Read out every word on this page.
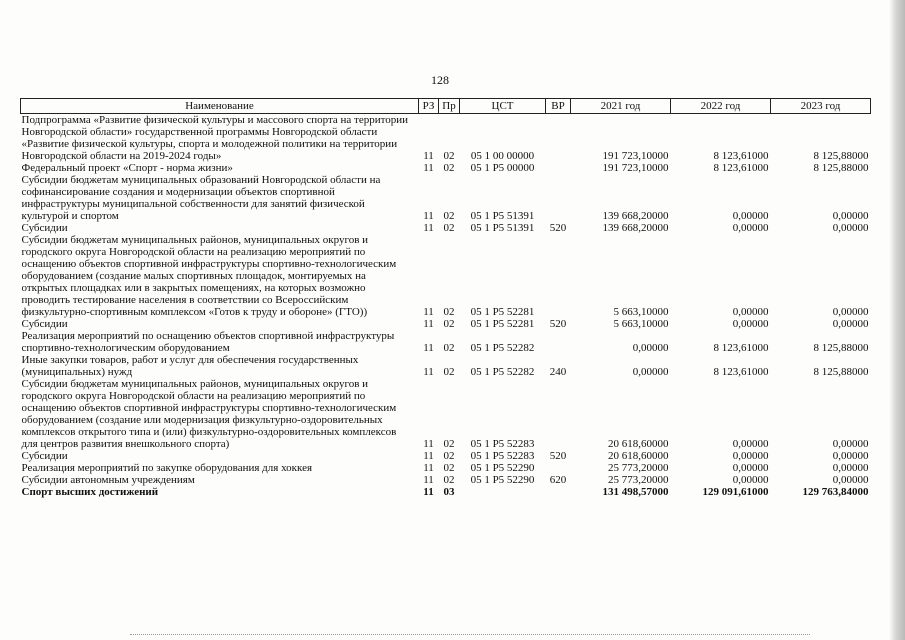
128
Наименование	РЗ	Пр	ЦСТ	ВР	2021 год	2022 год	2023 год
Подпрограмма «Развитие физической культуры и массового спорта на территории Новгородской области» государственной программы Новгородской области «Развитие физической культуры, спорта и молодежной политики на территории Новгородской области на 2019-2024 годы»	11	02	05 1 00 00000		191 723,10000	8 123,61000	8 125,88000
Федеральный проект «Спорт - норма жизни»	11	02	05 1 Р5 00000		191 723,10000	8 123,61000	8 125,88000
Субсидии бюджетам муниципальных образований Новгородской области на софинансирование создания и модернизации объектов спортивной инфраструктуры муниципальной собственности для занятий физической культурой и спортом	11	02	05 1 Р5 51391		139 668,20000	0,00000	0,00000
Субсидии	11	02	05 1 Р5 51391	520	139 668,20000	0,00000	0,00000
Субсидии бюджетам муниципальных районов, муниципальных округов и городского округа Новгородской области на реализацию мероприятий по оснащению объектов спортивной инфраструктуры спортивно-технологическим оборудованием (создание малых спортивных площадок, монтируемых на открытых площадках или в закрытых помещениях, на которых возможно проводить тестирование населения в соответствии со Всероссийским физкультурно-спортивным комплексом «Готов к труду и обороне» (ГТО))	11	02	05 1 Р5 52281		5 663,10000	0,00000	0,00000
Субсидии	11	02	05 1 Р5 52281	520	5 663,10000	0,00000	0,00000
Реализация мероприятий по оснащению объектов спортивной инфраструктуры спортивно-технологическим оборудованием	11	02	05 1 Р5 52282		0,00000	8 123,61000	8 125,88000
Иные закупки товаров, работ и услуг для обеспечения государственных (муниципальных) нужд	11	02	05 1 Р5 52282	240	0,00000	8 123,61000	8 125,88000
Субсидии бюджетам муниципальных районов, муниципальных округов и городского округа Новгородской области на реализацию мероприятий по оснащению объектов спортивной инфраструктуры спортивно-технологическим оборудованием (создание или модернизация физкультурно-оздоровительных комплексов открытого типа и (или) физкультурно-оздоровительных комплексов для центров развития внешкольного спорта)	11	02	05 1 Р5 52283		20 618,60000	0,00000	0,00000
Субсидии	11	02	05 1 Р5 52283	520	20 618,60000	0,00000	0,00000
Реализация мероприятий по закупке оборудования для хоккея	11	02	05 1 Р5 52290		25 773,20000	0,00000	0,00000
Субсидии автономным учреждениям	11	02	05 1 Р5 52290	620	25 773,20000	0,00000	0,00000
Спорт высших достижений	11	03			131 498,57000	129 091,61000	129 763,84000
